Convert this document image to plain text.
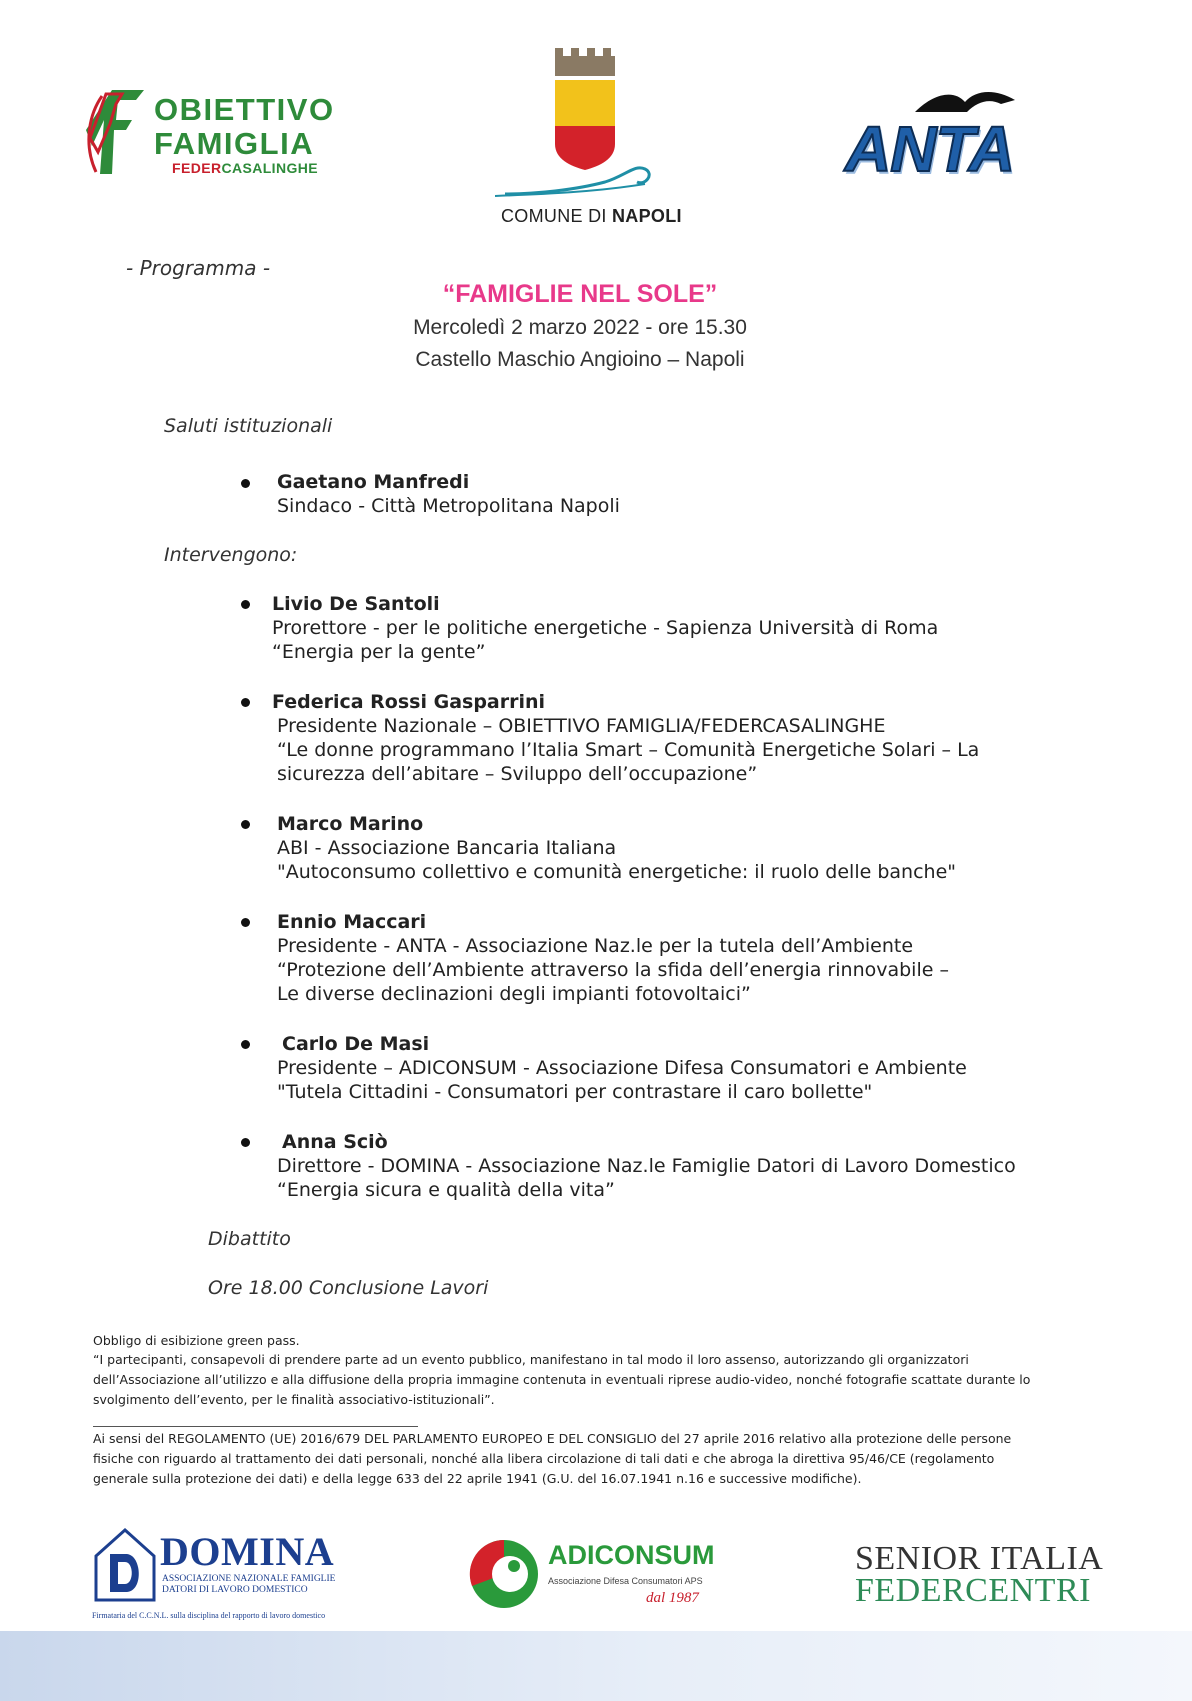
OBIETTIVO
FAMIGLIA
FEDERCASALINGHE
COMUNE DI NAPOLI
ANTA
- Programma -
“FAMIGLIE NEL SOLE”
Mercoledì 2 marzo 2022 - ore 15.30
Castello Maschio Angioino – Napoli
Saluti istituzionali
Gaetano Manfredi
Sindaco - Città Metropolitana Napoli
Intervengono:
Livio De Santoli
Prorettore - per le politiche energetiche - Sapienza Università di Roma
“Energia per la gente”
Federica Rossi Gasparrini
Presidente Nazionale – OBIETTIVO FAMIGLIA/FEDERCASALINGHE
“Le donne programmano l’Italia Smart – Comunità Energetiche Solari – La
sicurezza dell’abitare – Sviluppo dell’occupazione”
Marco Marino
ABI - Associazione Bancaria Italiana
"Autoconsumo collettivo e comunità energetiche: il ruolo delle banche"
Ennio Maccari
Presidente - ANTA - Associazione Naz.le per la tutela dell’Ambiente
“Protezione dell’Ambiente attraverso la sfida dell’energia rinnovabile –
Le diverse declinazioni degli impianti fotovoltaici”
Carlo De Masi
Presidente – ADICONSUM - Associazione Difesa Consumatori e Ambiente
"Tutela Cittadini - Consumatori per contrastare il caro bollette"
Anna Sciò
Direttore - DOMINA - Associazione Naz.le Famiglie Datori di Lavoro Domestico
“Energia sicura e qualità della vita”
Dibattito
Ore 18.00 Conclusione Lavori
Obbligo di esibizione green pass.
“I partecipanti, consapevoli di prendere parte ad un evento pubblico, manifestano in tal modo il loro assenso, autorizzando gli organizzatori dell’Associazione all’utilizzo e alla diffusione della propria immagine contenuta in eventuali riprese audio-video, nonché fotografie scattate durante lo svolgimento dell’evento, per le finalità associativo-istituzionali”.
Ai sensi del REGOLAMENTO (UE) 2016/679 DEL PARLAMENTO EUROPEO E DEL CONSIGLIO del 27 aprile 2016 relativo alla protezione delle persone fisiche con riguardo al trattamento dei dati personali, nonché alla libera circolazione di tali dati e che abroga la direttiva 95/46/CE (regolamento generale sulla protezione dei dati) e della legge 633 del 22 aprile 1941 (G.U. del 16.07.1941 n.16 e successive modifiche).
DOMINA
ASSOCIAZIONE NAZIONALE FAMIGLIE
DATORI DI LAVORO DOMESTICO
Firmataria del C.C.N.L. sulla disciplina del rapporto di lavoro domestico
ADICONSUM
Associazione Difesa Consumatori APS
dal 1987
SENIOR ITALIA
FEDERCENTRI
